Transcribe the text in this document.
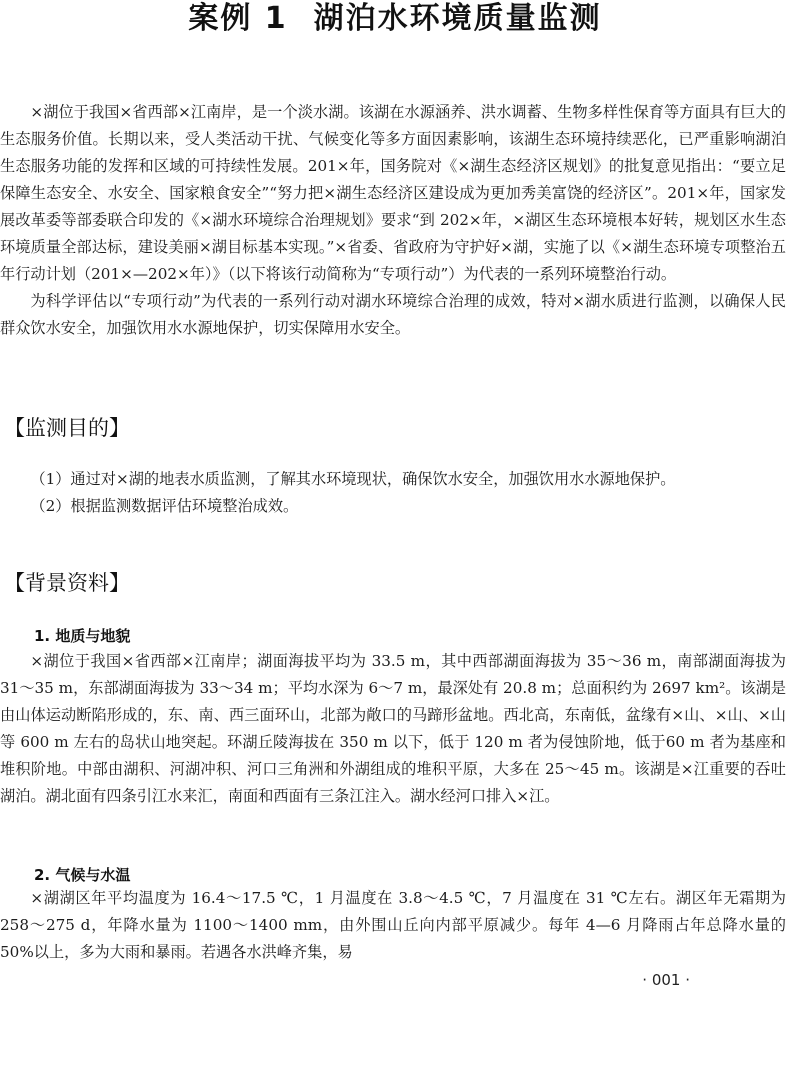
案例 1 湖泊水环境质量监测

×湖位于我国×省西部×江南岸，是一个淡水湖。该湖在水源涵养、洪水调蓄、生物多样性保育等方面具有巨大的生态服务价值。长期以来，受人类活动干扰、气候变化等多方面因素影响，该湖生态环境持续恶化，已严重影响湖泊生态服务功能的发挥和区域的可持续性发展。201×年，国务院对《×湖生态经济区规划》的批复意见指出：“要立足保障生态安全、水安全、国家粮食安全”“努力把×湖生态经济区建设成为更加秀美富饶的经济区”。201×年，国家发展改革委等部委联合印发的《×湖水环境综合治理规划》要求“到 202×年，×湖区生态环境根本好转，规划区水生态环境质量全部达标，建设美丽×湖目标基本实现。”×省委、省政府为守护好×湖，实施了以《×湖生态环境专项整治五年行动计划（201×—202×年）》（以下将该行动简称为“专项行动”）为代表的一系列环境整治行动。

为科学评估以“专项行动”为代表的一系列行动对湖水环境综合治理的成效，特对×湖水质进行监测，以确保人民群众饮水安全，加强饮用水水源地保护，切实保障用水安全。

【监测目的】

（1）通过对×湖的地表水质监测，了解其水环境现状，确保饮水安全，加强饮用水水源地保护。

（2）根据监测数据评估环境整治成效。

【背景资料】
1. 地质与地貌

×湖位于我国×省西部×江南岸；湖面海拔平均为 33.5 m，其中西部湖面海拔为 35～36 m，南部湖面海拔为 31～35 m，东部湖面海拔为 33～34 m；平均水深为 6～7 m，最深处有 20.8 m；总面积约为 2697 km²。该湖是由山体运动断陷形成的，东、南、西三面环山，北部为敞口的马蹄形盆地。西北高，东南低，盆缘有×山、×山、×山等 600 m 左右的岛状山地突起。环湖丘陵海拔在 350 m 以下，低于 120 m 者为侵蚀阶地，低于60 m 者为基座和堆积阶地。中部由湖积、河湖冲积、河口三角洲和外湖组成的堆积平原，大多在 25～45 m。该湖是×江重要的吞吐湖泊。湖北面有四条引江水来汇，南面和西面有三条江注入。湖水经河口排入×江。

2. 气候与水温

×湖湖区年平均温度为 16.4～17.5 ℃，1 月温度在 3.8～4.5 ℃，7 月温度在 31 ℃左右。湖区年无霜期为 258～275 d，年降水量为 1100～1400 mm，由外围山丘向内部平原减少。每年 4—6 月降雨占年总降水量的 50%以上，多为大雨和暴雨。若遇各水洪峰齐集，易

· 001 ·
